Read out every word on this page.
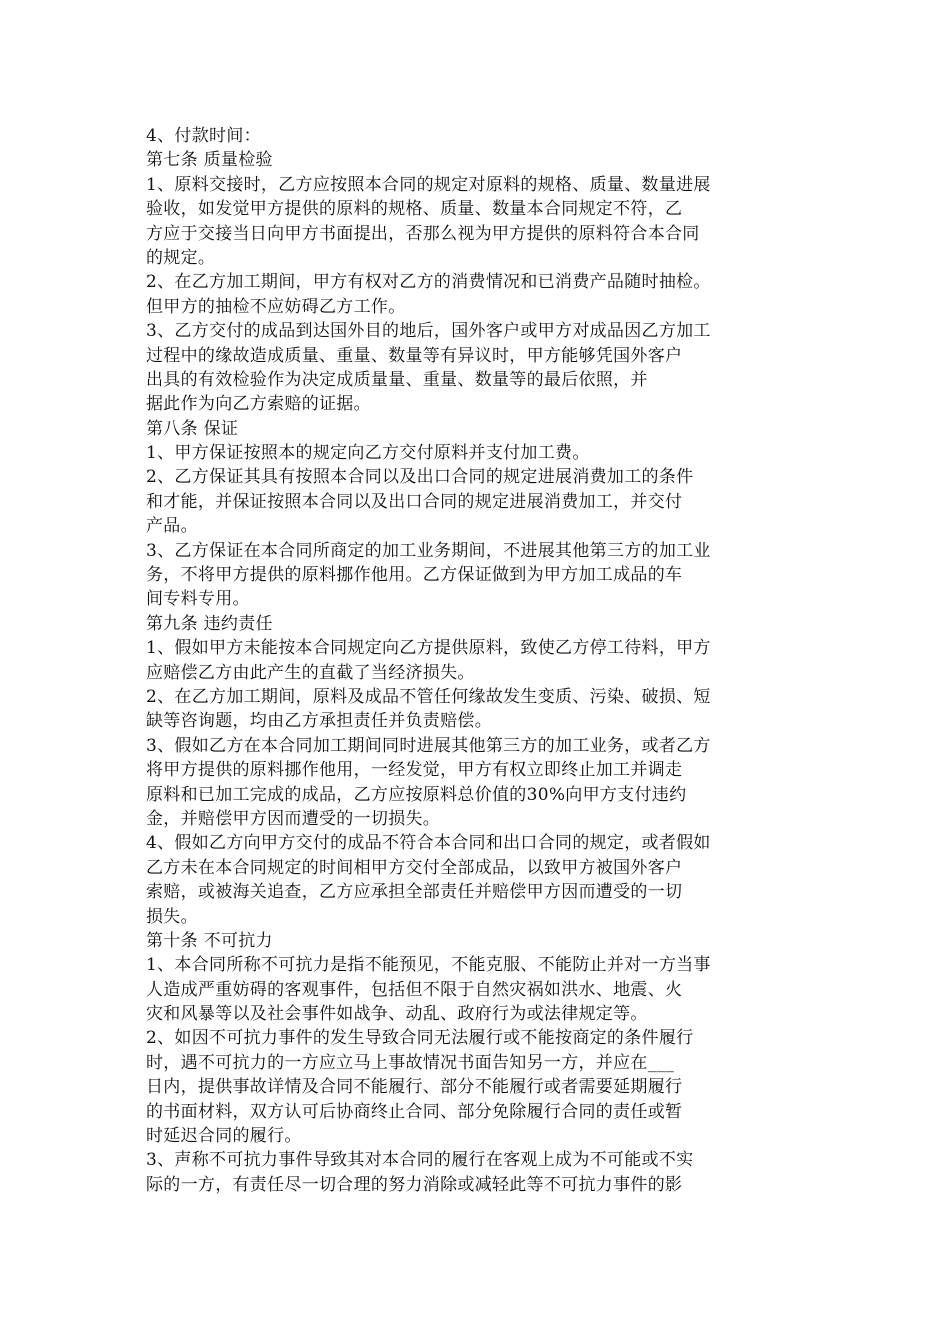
4、付款时间：
第七条 质量检验
1、原料交接时，乙方应按照本合同的规定对原料的规格、质量、数量进展
验收，如发觉甲方提供的原料的规格、质量、数量本合同规定不符，乙
方应于交接当日向甲方书面提出，否那么视为甲方提供的原料符合本合同
的规定。
2、在乙方加工期间，甲方有权对乙方的消费情况和已消费产品随时抽检。
但甲方的抽检不应妨碍乙方工作。
3、乙方交付的成品到达国外目的地后，国外客户或甲方对成品因乙方加工
过程中的缘故造成质量、重量、数量等有异议时，甲方能够凭国外客户
出具的有效检验作为决定成质量量、重量、数量等的最后依照，并
据此作为向乙方索赔的证据。
第八条 保证
1、甲方保证按照本的规定向乙方交付原料并支付加工费。
2、乙方保证其具有按照本合同以及出口合同的规定进展消费加工的条件
和才能，并保证按照本合同以及出口合同的规定进展消费加工，并交付
产品。
3、乙方保证在本合同所商定的加工业务期间，不进展其他第三方的加工业
务，不将甲方提供的原料挪作他用。乙方保证做到为甲方加工成品的车
间专料专用。
第九条 违约责任
1、假如甲方未能按本合同规定向乙方提供原料，致使乙方停工待料，甲方
应赔偿乙方由此产生的直截了当经济损失。
2、在乙方加工期间，原料及成品不管任何缘故发生变质、污染、破损、短
缺等咨询题，均由乙方承担责任并负责赔偿。
3、假如乙方在本合同加工期间同时进展其他第三方的加工业务，或者乙方
将甲方提供的原料挪作他用，一经发觉，甲方有权立即终止加工并调走
原料和已加工完成的成品，乙方应按原料总价值的30%向甲方支付违约
金，并赔偿甲方因而遭受的一切损失。
4、假如乙方向甲方交付的成品不符合本合同和出口合同的规定，或者假如
乙方未在本合同规定的时间相甲方交付全部成品，以致甲方被国外客户
索赔，或被海关追查，乙方应承担全部责任并赔偿甲方因而遭受的一切
损失。
第十条 不可抗力
1、本合同所称不可抗力是指不能预见，不能克服、不能防止并对一方当事
人造成严重妨碍的客观事件，包括但不限于自然灾祸如洪水、地震、火
灾和风暴等以及社会事件如战争、动乱、政府行为或法律规定等。
2、如因不可抗力事件的发生导致合同无法履行或不能按商定的条件履行
时，遇不可抗力的一方应立马上事故情况书面告知另一方，并应在___
日内，提供事故详情及合同不能履行、部分不能履行或者需要延期履行
的书面材料，双方认可后协商终止合同、部分免除履行合同的责任或暂
时延迟合同的履行。
3、声称不可抗力事件导致其对本合同的履行在客观上成为不可能或不实
际的一方，有责任尽一切合理的努力消除或减轻此等不可抗力事件的影
